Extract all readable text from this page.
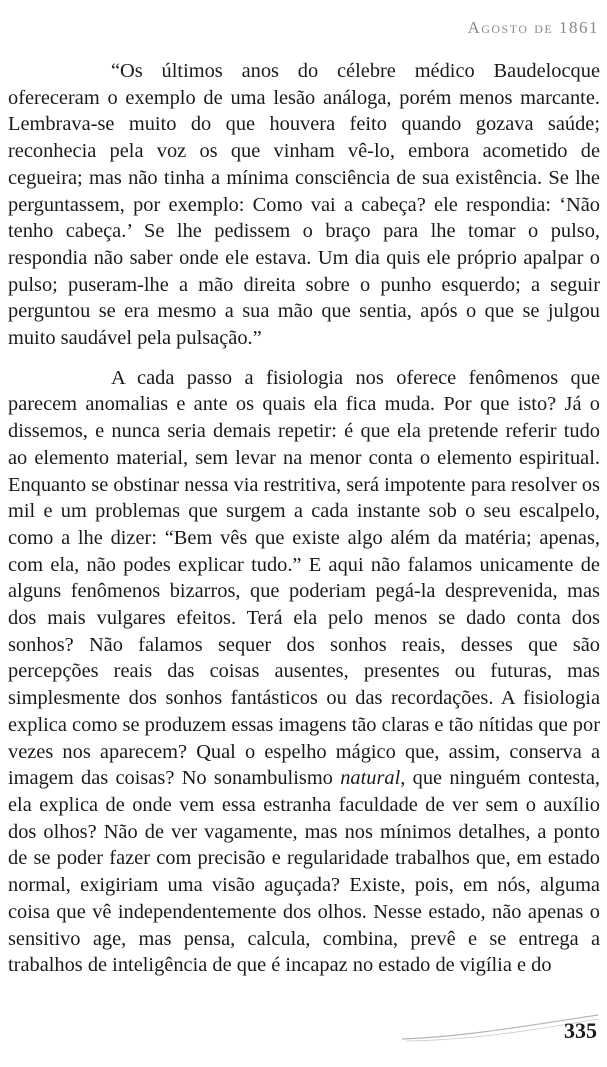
Agosto de 1861

“Os últimos anos do célebre médico Baudelocque ofereceram o exemplo de uma lesão análoga, porém menos marcante. Lembrava-se muito do que houvera feito quando gozava saúde; reconhecia pela voz os que vinham vê-lo, embora acometido de cegueira; mas não tinha a mínima consciência de sua existência. Se lhe perguntassem, por exemplo: Como vai a cabeça? ele respondia: ‘Não tenho cabeça.’ Se lhe pedissem o braço para lhe tomar o pulso, respondia não saber onde ele estava. Um dia quis ele próprio apalpar o pulso; puseram-lhe a mão direita sobre o punho esquerdo; a seguir perguntou se era mesmo a sua mão que sentia, após o que se julgou muito saudável pela pulsação.”

A cada passo a fisiologia nos oferece fenômenos que parecem anomalias e ante os quais ela fica muda. Por que isto? Já o dissemos, e nunca seria demais repetir: é que ela pretende referir tudo ao elemento material, sem levar na menor conta o elemento espiritual. Enquanto se obstinar nessa via restritiva, será impotente para resolver os mil e um problemas que surgem a cada instante sob o seu escalpelo, como a lhe dizer: “Bem vês que existe algo além da matéria; apenas, com ela, não podes explicar tudo.” E aqui não falamos unicamente de alguns fenômenos bizarros, que poderiam pegá-la desprevenida, mas dos mais vulgares efeitos. Terá ela pelo menos se dado conta dos sonhos? Não falamos sequer dos sonhos reais, desses que são percepções reais das coisas ausentes, presentes ou futuras, mas simplesmente dos sonhos fantásticos ou das recordações. A fisiologia explica como se produzem essas imagens tão claras e tão nítidas que por vezes nos aparecem? Qual o espelho mágico que, assim, conserva a imagem das coisas? No sonambulismo natural, que ninguém contesta, ela explica de onde vem essa estranha faculdade de ver sem o auxílio dos olhos? Não de ver vagamente, mas nos mínimos detalhes, a ponto de se poder fazer com precisão e regularidade trabalhos que, em estado normal, exigiriam uma visão aguçada? Existe, pois, em nós, alguma coisa que vê independentemente dos olhos. Nesse estado, não apenas o sensitivo age, mas pensa, calcula, combina, prevê e se entrega a trabalhos de inteligência de que é incapaz no estado de vigília e do

335
